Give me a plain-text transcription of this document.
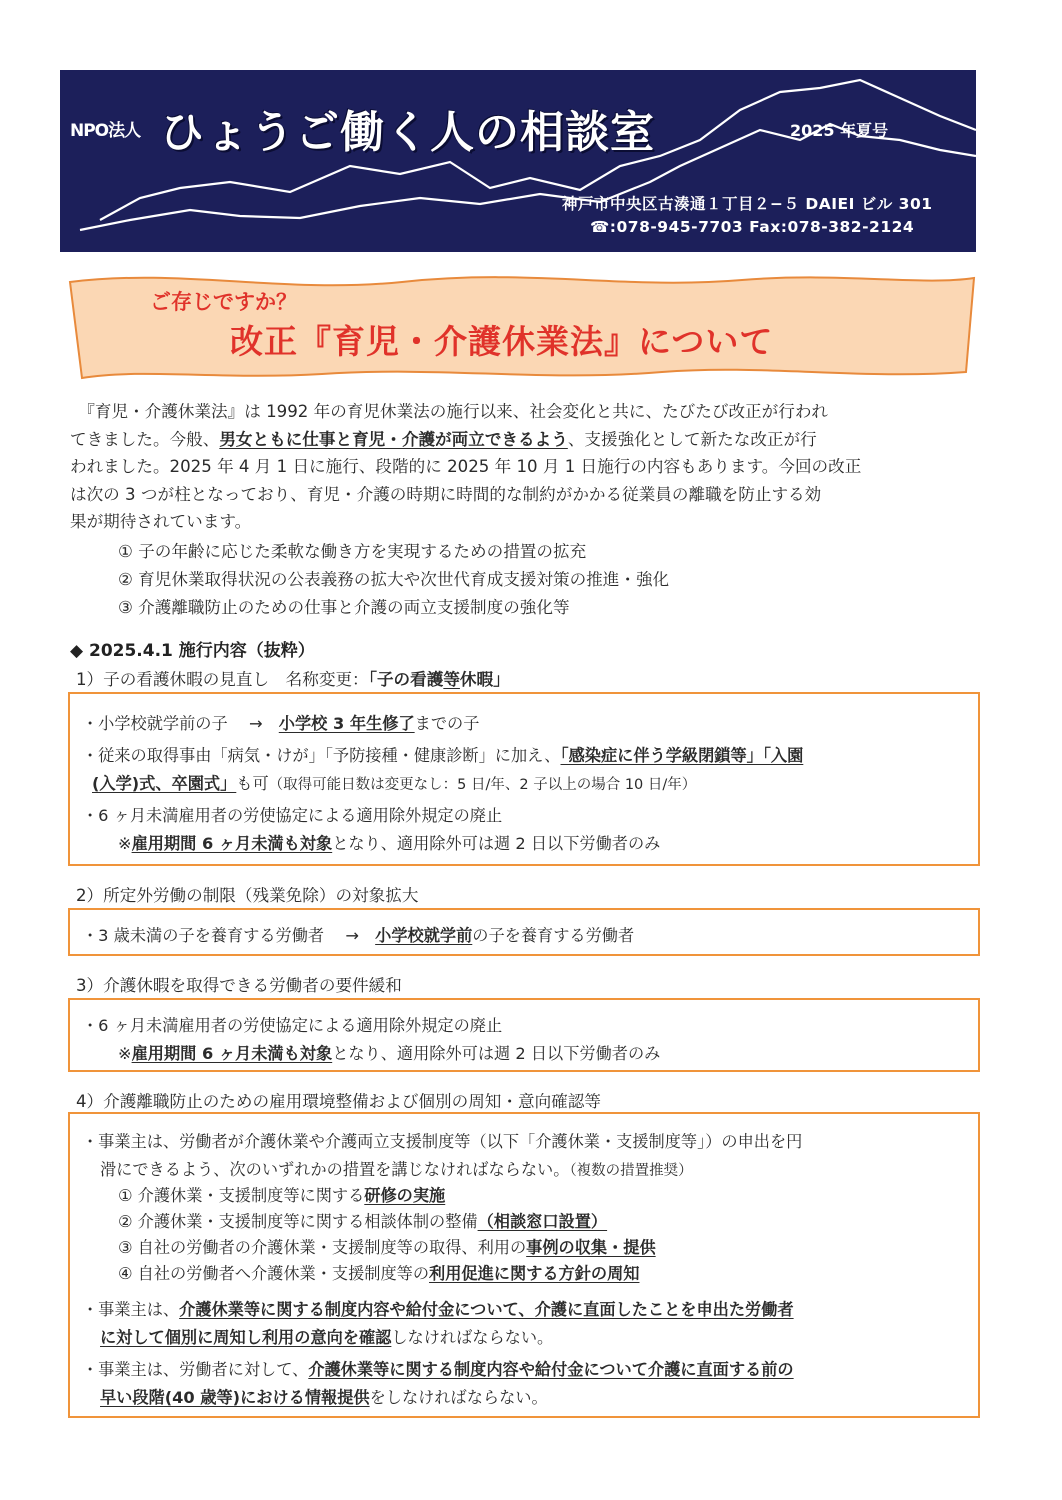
NPO法人 ひょうご働く人の相談室	2025 年夏号
神戸市中央区古湊通１丁目２−５ DAIEI ビル 301
☎:078-945-7703 Fax:078-382-2124
ご存じですか？
改正『育児・介護休業法』について
　『育児・介護休業法』は 1992 年の育児休業法の施行以来、社会変化と共に、たびたび改正が行われ
てきました。今般、男女ともに仕事と育児・介護が両立できるよう、支援強化として新たな改正が行
われました。2025 年 4 月 1 日に施行、段階的に 2025 年 10 月 1 日施行の内容もあります。今回の改正
は次の 3 つが柱となっており、育児・介護の時期に時間的な制約がかかる従業員の離職を防止する効
果が期待されています。
① 子の年齢に応じた柔軟な働き方を実現するための措置の拡充
② 育児休業取得状況の公表義務の拡大や次世代育成支援対策の推進・強化
③ 介護離職防止のための仕事と介護の両立支援制度の強化等
◆ 2025.4.1 施行内容（抜粋）
1）子の看護休暇の見直し　名称変更：「子の看護等休暇」
・小学校就学前の子　 →　小学校 3 年生修了までの子
・従来の取得事由「病気・けが」「予防接種・健康診断」に加え、「感染症に伴う学級閉鎖等」「入園
(入学)式、卒園式」も可（取得可能日数は変更なし：5 日/年、2 子以上の場合 10 日/年）
・6 ヶ月未満雇用者の労使協定による適用除外規定の廃止
※雇用期間 6 ヶ月未満も対象となり、適用除外可は週 2 日以下労働者のみ
2）所定外労働の制限（残業免除）の対象拡大
・3 歳未満の子を養育する労働者　 →　小学校就学前の子を養育する労働者
3）介護休暇を取得できる労働者の要件緩和
・6 ヶ月未満雇用者の労使協定による適用除外規定の廃止
※雇用期間 6 ヶ月未満も対象となり、適用除外可は週 2 日以下労働者のみ
4）介護離職防止のための雇用環境整備および個別の周知・意向確認等
・事業主は、労働者が介護休業や介護両立支援制度等（以下「介護休業・支援制度等」）の申出を円
滑にできるよう、次のいずれかの措置を講じなければならない。（複数の措置推奨）
① 介護休業・支援制度等に関する研修の実施
② 介護休業・支援制度等に関する相談体制の整備（相談窓口設置）
③ 自社の労働者の介護休業・支援制度等の取得、利用の事例の収集・提供
④ 自社の労働者へ介護休業・支援制度等の利用促進に関する方針の周知
・事業主は、介護休業等に関する制度内容や給付金について、介護に直面したことを申出た労働者
に対して個別に周知し利用の意向を確認しなければならない。
・事業主は、労働者に対して、介護休業等に関する制度内容や給付金について介護に直面する前の
早い段階(40 歳等)における情報提供をしなければならない。
